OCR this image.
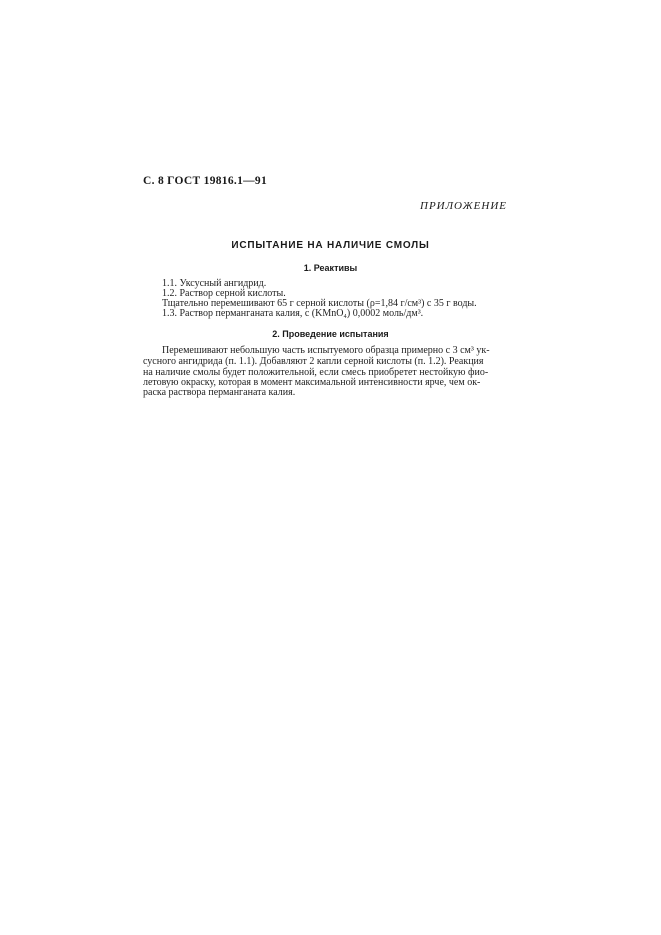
С. 8 ГОСТ 19816.1—91
ПРИЛОЖЕНИЕ
ИСПЫТАНИЕ НА НАЛИЧИЕ СМОЛЫ
1. Реактивы
1.1. Уксусный ангидрид.
1.2. Раствор серной кислоты.
Тщательно перемешивают 65 г серной кислоты (ρ=1,84 г/см³) с 35 г воды.
1.3. Раствор перманганата калия, с (KMnO₄) 0,0002 моль/дм³.
2. Проведение испытания
Перемешивают небольшую часть испытуемого образца примерно с 3 см³ ук-
сусного ангидрида (п. 1.1). Добавляют 2 капли серной кислоты (п. 1.2). Реакция
на наличие смолы будет положительной, если смесь приобретет нестойкую фио-
летовую окраску, которая в момент максимальной интенсивности ярче, чем ок-
раска раствора перманганата калия.
